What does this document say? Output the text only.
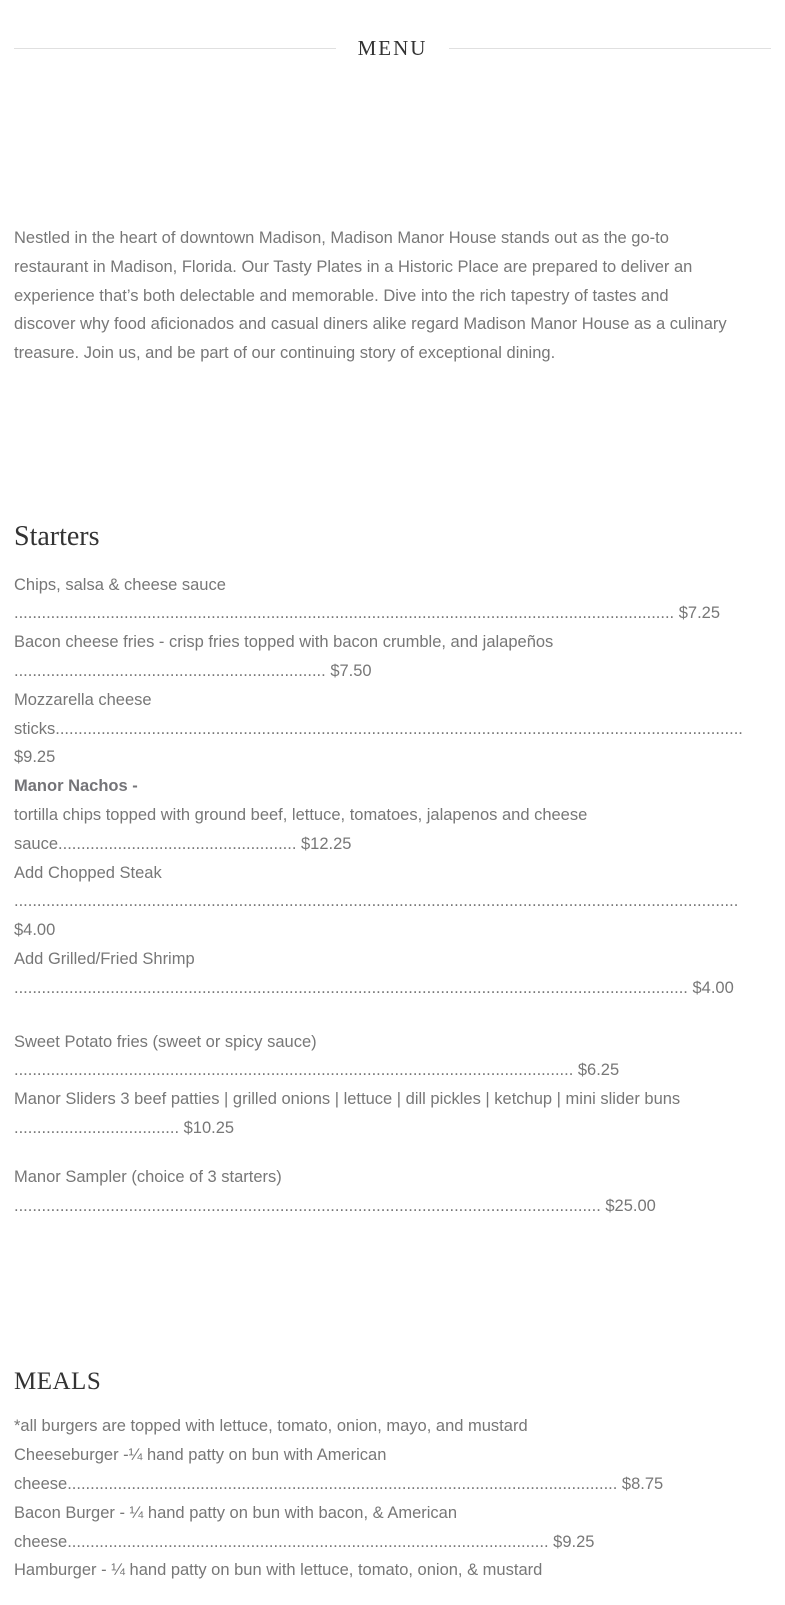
MENU
Nestled in the heart of downtown Madison, Madison Manor House stands out as the go-to
restaurant in Madison, Florida. Our Tasty Plates in a Historic Place are prepared to deliver an
experience that’s both delectable and memorable. Dive into the rich tapestry of tastes and
discover why food aficionados and casual diners alike regard Madison Manor House as a culinary
treasure. Join us, and be part of our continuing story of exceptional dining.
Starters
Chips, salsa & cheese sauce
................................................................................................................................................ $7.25
Bacon cheese fries - crisp fries topped with bacon crumble, and jalapeños
.................................................................... $7.50
Mozzarella cheese
sticks......................................................................................................................................................
$9.25
Manor Nachos -
tortilla chips topped with ground beef, lettuce, tomatoes, jalapenos and cheese
sauce.................................................... $12.25
Add Chopped Steak
..............................................................................................................................................................
$4.00
Add Grilled/Fried Shrimp
................................................................................................................................................... $4.00
Sweet Potato fries (sweet or spicy sauce)
.......................................................................................................................... $6.25
Manor Sliders 3 beef patties | grilled onions | lettuce | dill pickles | ketchup | mini slider buns
.................................... $10.25
Manor Sampler (choice of 3 starters)
................................................................................................................................ $25.00
MEALS
*all burgers are topped with lettuce, tomato, onion, mayo, and mustard
Cheeseburger -¼ hand patty on bun with American
cheese........................................................................................................................ $8.75
Bacon Burger - ¼ hand patty on bun with bacon, & American
cheese......................................................................................................... $9.25
Hamburger - ¼ hand patty on bun with lettuce, tomato, onion, & mustard
